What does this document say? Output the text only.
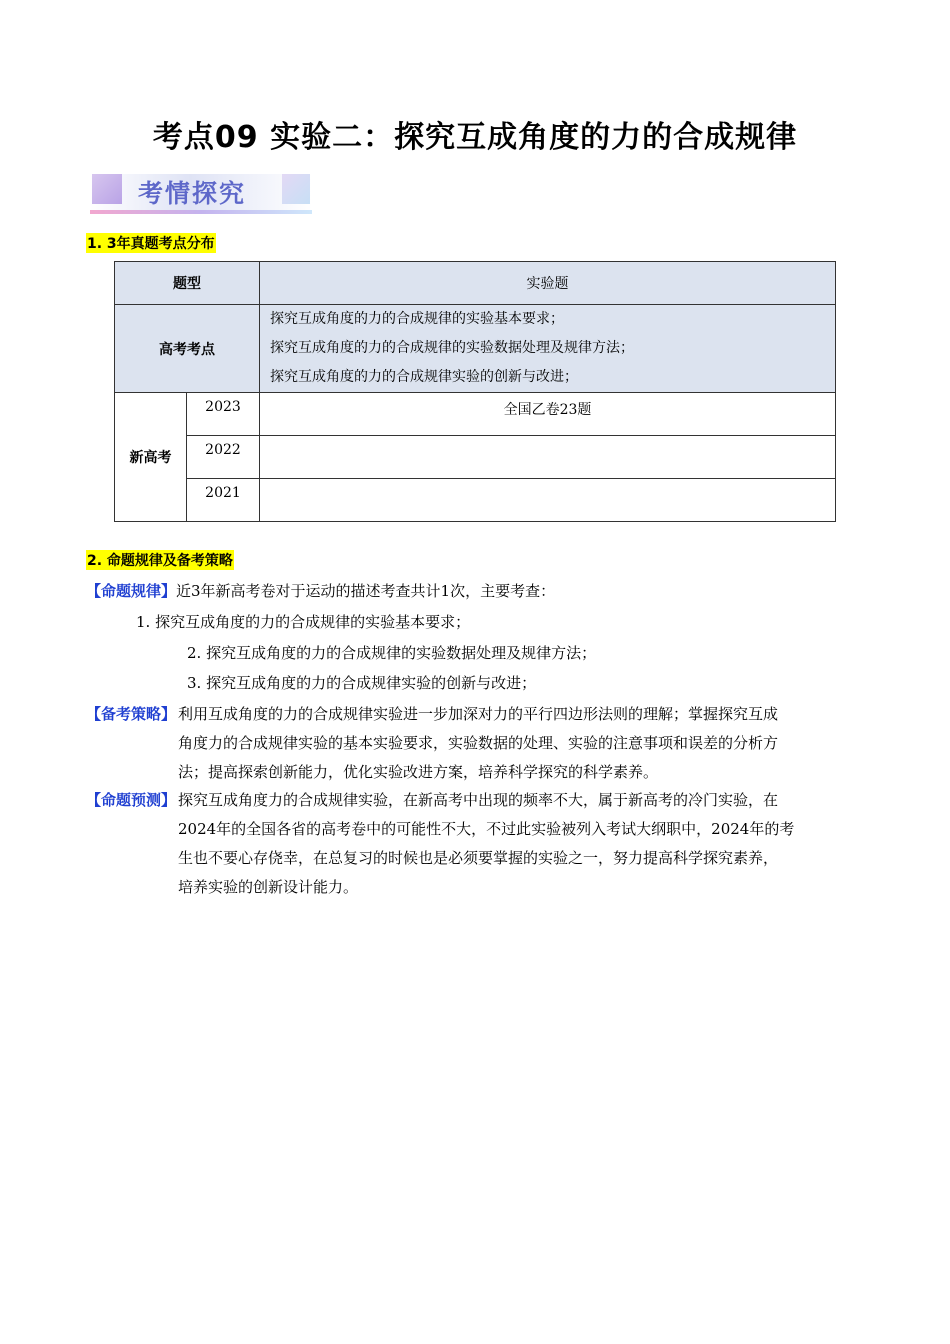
考点09 实验二：探究互成角度的力的合成规律
考情探究
1. 3年真题考点分布
题型		实验题
高考考点		探究互成角度的力的合成规律的实验基本要求；
探究互成角度的力的合成规律的实验数据处理及规律方法；
探究互成角度的力的合成规律实验的创新与改进；

新高考	2023	全国乙卷23题
	2022	
	2021	
2. 命题规律及备考策略
【命题规律】近3年新高考卷对于运动的描述考查共计1次，主要考查：
1. 探究互成角度的力的合成规律的实验基本要求；
2. 探究互成角度的力的合成规律的实验数据处理及规律方法；
3. 探究互成角度的力的合成规律实验的创新与改进；
【备考策略】 利用互成角度的力的合成规律实验进一步加深对力的平行四边形法则的理解；掌握探究互成
角度力的合成规律实验的基本实验要求，实验数据的处理、实验的注意事项和误差的分析方
法；提高探索创新能力，优化实验改进方案，培养科学探究的科学素养。
【命题预测】 探究互成角度力的合成规律实验，在新高考中出现的频率不大，属于新高考的冷门实验，在
2024年的全国各省的高考卷中的可能性不大，不过此实验被列入考试大纲职中，2024年的考
生也不要心存侥幸，在总复习的时候也是必须要掌握的实验之一，努力提高科学探究素养，
培养实验的创新设计能力。
